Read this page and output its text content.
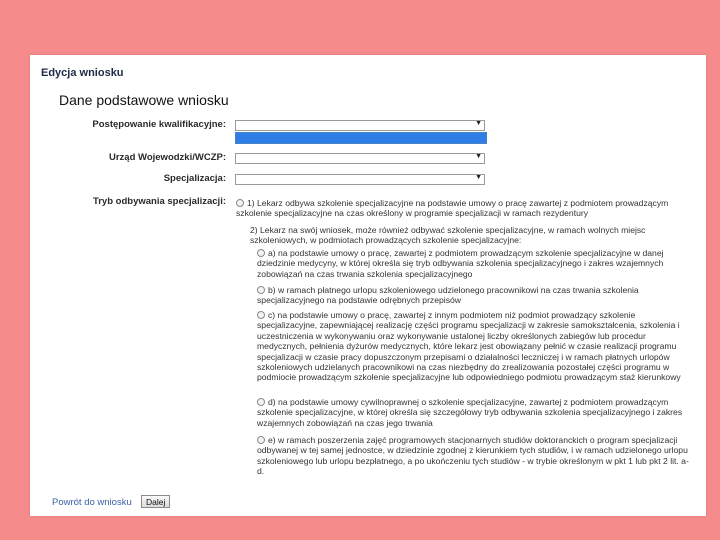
Edycja wniosku
Dane podstawowe wniosku
Postępowanie kwalifikacyjne:	▼
Urząd Wojewodzki/WCZP:	▼
Specjalizacja:	▼
Tryb odbywania specjalizacji:	1) Lekarz odbywa szkolenie specjalizacyjne na podstawie umowy o pracę zawartej z podmiotem prowadzącym szkolenie specjalizacyjne na czas określony w programie specjalizacji w ramach rezydentury
2) Lekarz na swój wniosek, może również odbywać szkolenie specjalizacyjne, w ramach wolnych miejsc szkoleniowych, w podmiotach prowadzących szkolenie specjalizacyjne:
a) na podstawie umowy o pracę, zawartej z podmiotem prowadzącym szkolenie specjalizacyjne w danej dziedzinie medycyny, w której określa się tryb odbywania szkolenia specjalizacyjnego i zakres wzajemnych zobowiązań na czas trwania szkolenia specjalizacyjnego
b) w ramach płatnego urlopu szkoleniowego udzielonego pracownikowi na czas trwania szkolenia specjalizacyjnego na podstawie odrębnych przepisów
c) na podstawie umowy o pracę, zawartej z innym podmiotem niż podmiot prowadzący szkolenie specjalizacyjne, zapewniającej realizację części programu specjalizacji w zakresie samokształcenia, szkolenia i uczestniczenia w wykonywaniu oraz wykonywanie ustalonej liczby określonych zabiegów lub procedur medycznych, pełnienia dyżurów medycznych, które lekarz jest obowiązany pełnić w czasie realizacji programu specjalizacji w czasie pracy dopuszczonym przepisami o działalności leczniczej i w ramach płatnych urlopów szkoleniowych udzielanych pracownikowi na czas niezbędny do zrealizowania pozostałej części programu w podmiocie prowadzącym szkolenie specjalizacyjne lub odpowiedniego podmiotu prowadzącym staż kierunkowy
d) na podstawie umowy cywilnoprawnej o szkolenie specjalizacyjne, zawartej z podmiotem prowadzącym szkolenie specjalizacyjne, w której określa się szczegółowy tryb odbywania szkolenia specjalizacyjnego i zakres wzajemnych zobowiązań na czas jego trwania
e) w ramach poszerzenia zajęć programowych stacjonarnych studiów doktoranckich o program specjalizacji odbywanej w tej samej jednostce, w dziedzinie zgodnej z kierunkiem tych studiów, i w ramach udzielonego urlopu szkoleniowego lub urlopu bezpłatnego, a po ukończeniu tych studiów - w trybie określonym w pkt 1 lub pkt 2 lit. a-d.
Powrót do wniosku	Dalej
